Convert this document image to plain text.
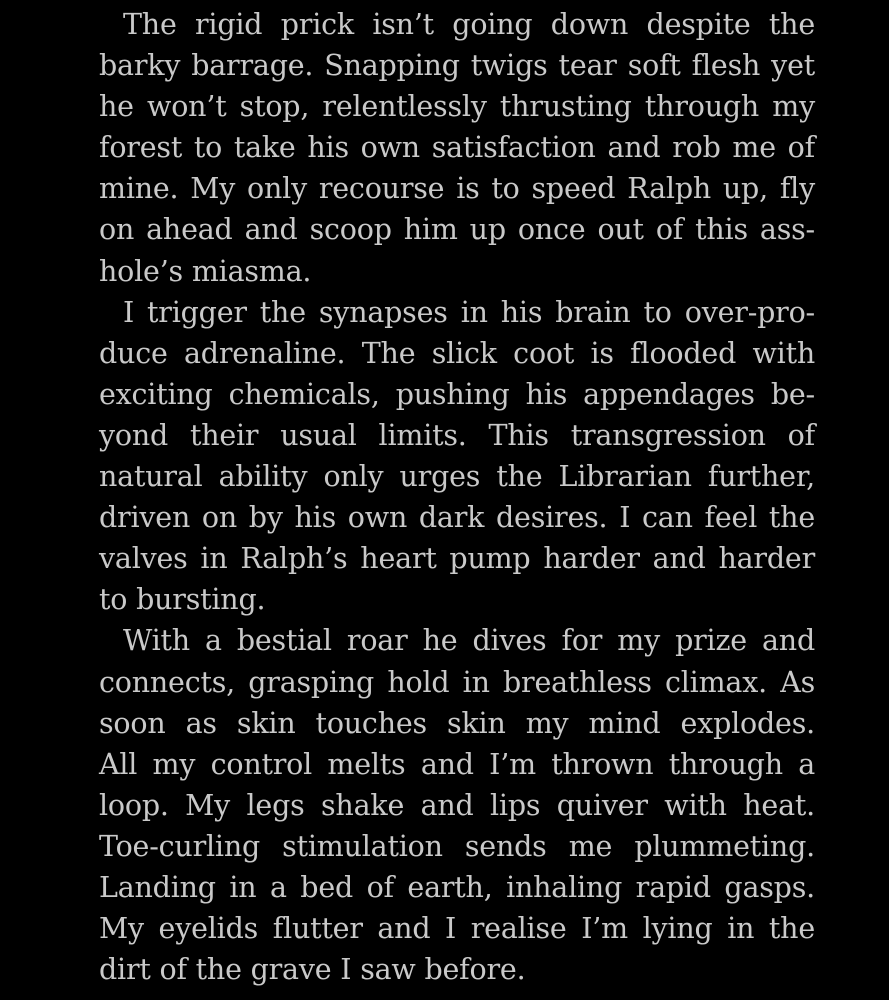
The rigid prick isn’t going down despite the
barky barrage. Snapping twigs tear soft flesh yet
he won’t stop, relentlessly thrusting through my
forest to take his own satisfaction and rob me of
mine. My only recourse is to speed Ralph up, fly
on ahead and scoop him up once out of this ass-
hole’s miasma.
I trigger the synapses in his brain to over-pro-
duce adrenaline. The slick coot is flooded with
exciting chemicals, pushing his appendages be-
yond their usual limits. This transgression of
natural ability only urges the Librarian further,
driven on by his own dark desires. I can feel the
valves in Ralph’s heart pump harder and harder
to bursting.
With a bestial roar he dives for my prize and
connects, grasping hold in breathless climax. As
soon as skin touches skin my mind explodes.
All my control melts and I’m thrown through a
loop. My legs shake and lips quiver with heat.
Toe-curling stimulation sends me plummeting.
Landing in a bed of earth, inhaling rapid gasps.
My eyelids flutter and I realise I’m lying in the
dirt of the grave I saw before.
